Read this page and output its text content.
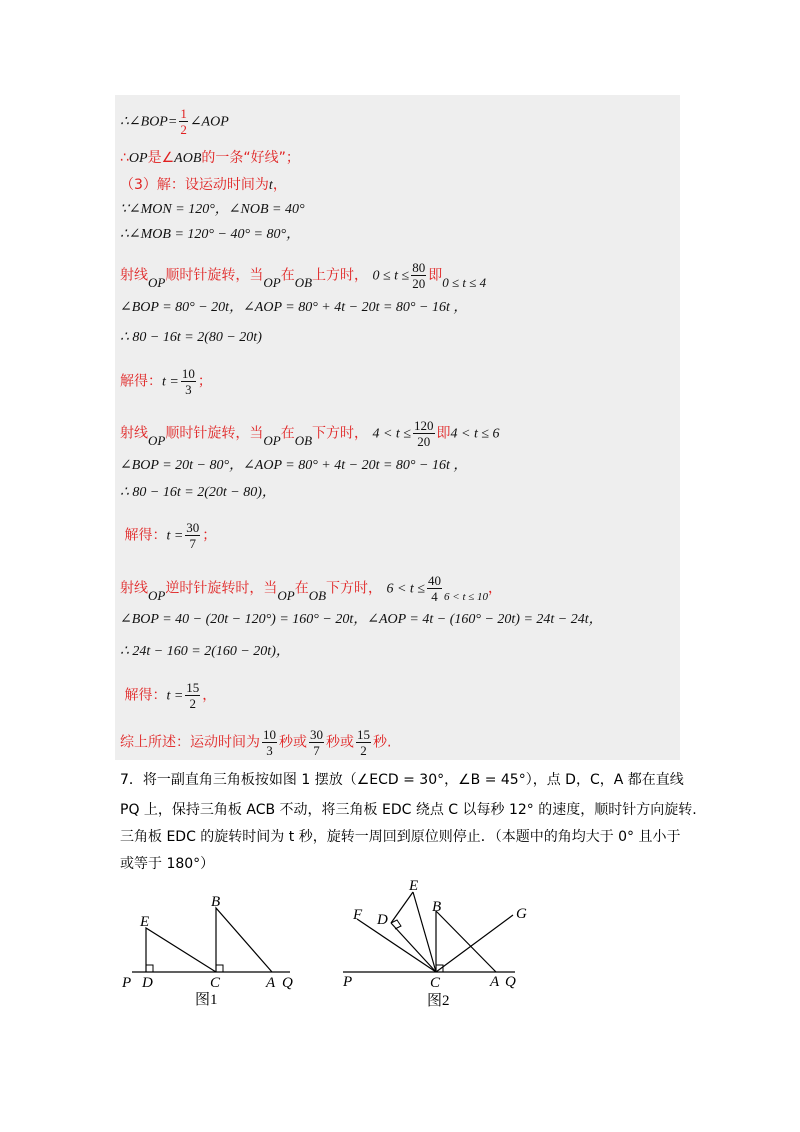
∴∠BOP= $\frac{1}{2}$ ∠AOP
∴OP是∠AOB的一条“好线”；
（3）解：设运动时间为t，
∵∠MON = 120°，∠NOB = 40°
∴∠MOB = 120° − 40° = 80°，
射线OP顺时针旋转，当OP在OB上方时， $0 \le t \le \frac{80}{20}$ 即0 ≤ t ≤ 4
∠BOP = 80° − 20t，∠AOP = 80° + 4t − 20t = 80° − 16t ，
∴ 80 − 16t = 2(80 − 20t)
解得：$t = \frac{10}{3}$ ；
射线OP顺时针旋转，当OP在OB下方时， $4 < t \le \frac{120}{20}$ 即4 < t ≤ 6
∠BOP = 20t − 80°，∠AOP = 80° + 4t − 20t = 80° − 16t ，
∴ 80 − 16t = 2(20t − 80)，
解得：$t = \frac{30}{7}$ ；
射线OP逆时针旋转时，当OP在OB下方时， $6 < t \le \frac{40}{4} _{6 < t \le 10}$，
∠BOP = 40 − (20t − 120°) = 160° − 20t，∠AOP = 4t − (160° − 20t) = 24t − 24t，
∴ 24t − 160 = 2(160 − 20t)，
解得：$t = \frac{15}{2}$ ，
综上所述：运动时间为 $\frac{10}{3}$ 秒或 $\frac{30}{7}$ 秒或 $\frac{15}{2}$ 秒.
7．将一副直角三角板按如图 1 摆放（∠ECD = 30°，∠B = 45°），点 D，C，A 都在直线
PQ 上，保持三角板 ACB 不动，将三角板 EDC 绕点 C 以每秒 12° 的速度，顺时针方向旋转.
三角板 EDC 的旋转时间为 t 秒，旋转一周回到原位则停止．（本题中的角均大于 0° 且小于
或等于 180°）
P D	C	A Q
E
B
图1
P	C	A Q
E
B
F D	G
图2
